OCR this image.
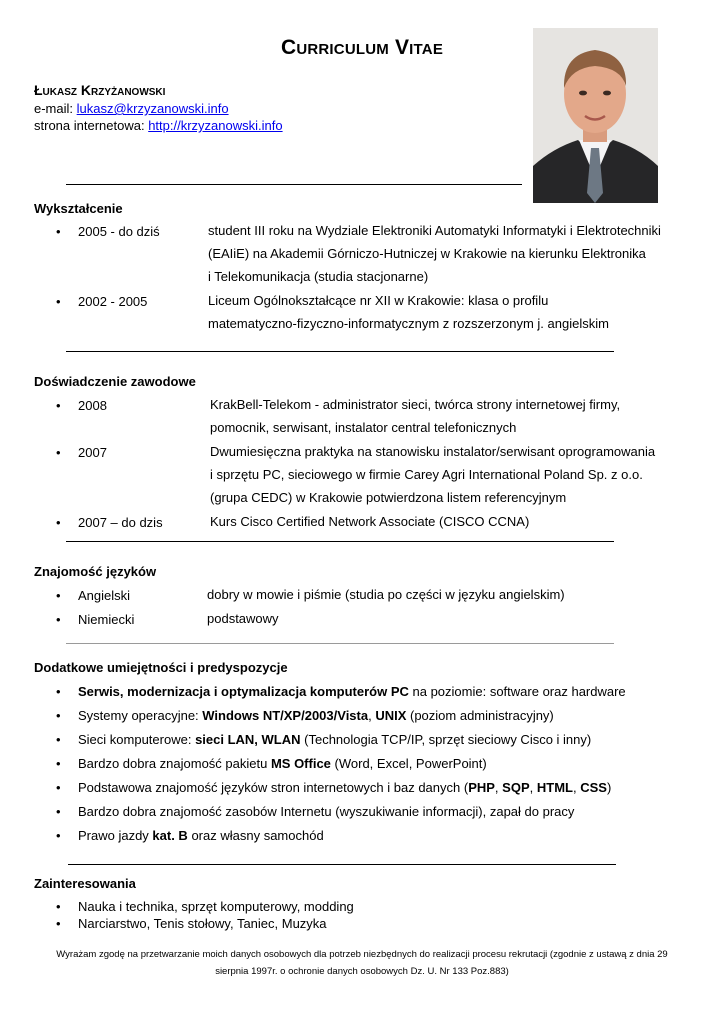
Curriculum Vitae
Łukasz Krzyżanowski
e-mail: lukasz@krzyzanowski.info
strona internetowa: http://krzyzanowski.info
Wykształcenie
• 2005 - do dziś	student III roku na Wydziale Elektroniki Automatyki Informatyki i Elektrotechniki
(EAIiE) na Akademii Górniczo-Hutniczej w Krakowie na kierunku Elektronika
i Telekomunikacja (studia stacjonarne)
• 2002 - 2005	Liceum Ogólnokształcące nr XII w Krakowie: klasa o profilu
matematyczno-fizyczno-informatycznym z rozszerzonym j. angielskim
Doświadczenie zawodowe
• 2008	KrakBell-Telekom - administrator sieci, twórca strony internetowej firmy,
pomocnik, serwisant, instalator central telefonicznych
• 2007	Dwumiesięczna praktyka na stanowisku instalator/serwisant oprogramowania
i sprzętu PC, sieciowego w firmie Carey Agri International Poland Sp. z o.o.
(grupa CEDC) w Krakowie potwierdzona listem referencyjnym
• 2007 – do dzis	Kurs Cisco Certified Network Associate (CISCO CCNA)
Znajomość języków
• Angielski	dobry w mowie i piśmie (studia po części w języku angielskim)
• Niemiecki	podstawowy
Dodatkowe umiejętności i predyspozycje
• Serwis, modernizacja i optymalizacja komputerów PC na poziomie: software oraz hardware
• Systemy operacyjne: Windows NT/XP/2003/Vista, UNIX (poziom administracyjny)
• Sieci komputerowe: sieci LAN, WLAN (Technologia TCP/IP, sprzęt sieciowy Cisco i inny)
• Bardzo dobra znajomość pakietu MS Office (Word, Excel, PowerPoint)
• Podstawowa znajomość języków stron internetowych i baz danych (PHP, SQP, HTML, CSS)
• Bardzo dobra znajomość zasobów Internetu (wyszukiwanie informacji), zapał do pracy
• Prawo jazdy kat. B oraz własny samochód
Zainteresowania
• Nauka i technika, sprzęt komputerowy, modding
• Narciarstwo, Tenis stołowy, Taniec, Muzyka
Wyrażam zgodę na przetwarzanie moich danych osobowych dla potrzeb niezbędnych do realizacji procesu rekrutacji (zgodnie z ustawą z dnia 29
sierpnia 1997r. o ochronie danych osobowych Dz. U. Nr 133 Poz.883)
